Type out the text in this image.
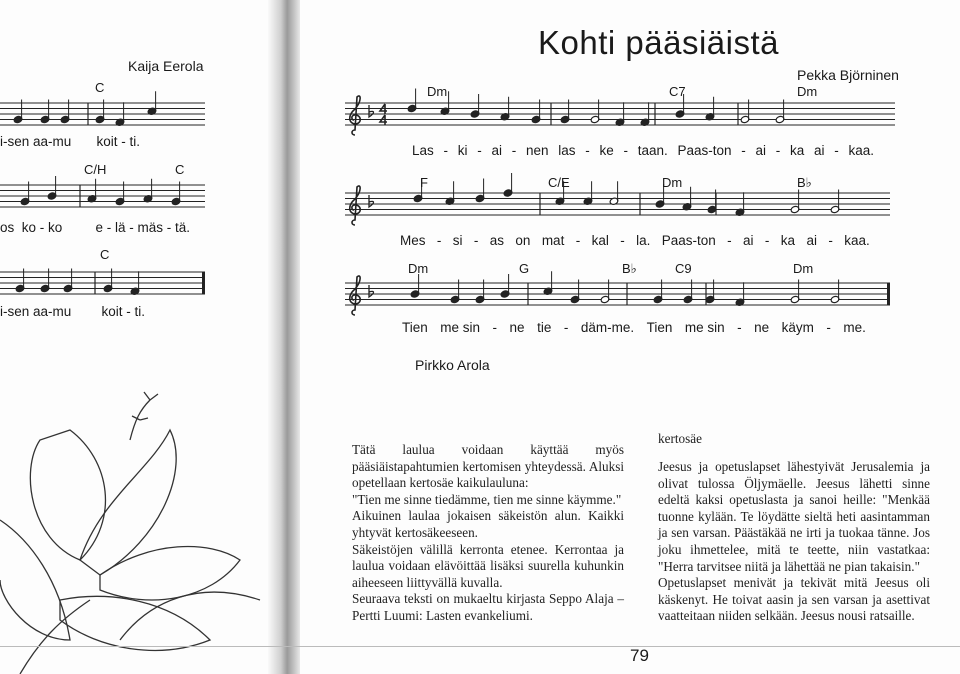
Kaija Eerola
C
C/H	C
C
i-sen aa-mu koit - ti.
os  ko - ko e - lä - mäs - tä.
i-sen aa-mu koit - ti.
Kohti pääsiäistä
Pekka Björninen
Dm	C7	Dm
Las - ki - ai - nen las - ke - taan. Paas-ton - ai - ka ai - kaa.
F	C/E	Dm	B♭
Mes - si - as on mat - kal - la. Paas-ton - ai - ka ai - kaa.
Dm	G	B♭	C9	Dm
Tien me sin - ne tie - däm-me. Tien me sin - ne käym - me.
Pirkko Arola
Tätä laulua voidaan käyttää myös pääsiäistapahtumien kertomisen yhteydessä. Aluksi opetellaan kertosäe kaikulauluna:
"Tien me sinne tiedämme, tien me sinne käymme."
Aikuinen laulaa jokaisen säkeistön alun. Kaikki yhtyvät kertosäkeeseen.
Säkeistöjen välillä kerronta etenee. Kerrontaa ja laulua voidaan elävöittää lisäksi suurella kuhunkin aiheeseen liittyvällä kuvalla.
Seuraava teksti on mukaeltu kirjasta Seppo Alaja – Pertti Luumi: Lasten evankeliumi.
kertosäe
Jeesus ja opetuslapset lähestyivät Jerusalemia ja olivat tulossa Öljymäelle. Jeesus lähetti sinne edeltä kaksi opetuslasta ja sanoi heille: "Menkää tuonne kylään. Te löydätte sieltä heti aasintamman ja sen varsan. Päästäkää ne irti ja tuokaa tänne. Jos joku ihmettelee, mitä te teette, niin vastatkaa: "Herra tarvitsee niitä ja lähettää ne pian takaisin."
Opetuslapset menivät ja tekivät mitä Jeesus oli käskenyt. He toivat aasin ja sen varsan ja asettivat vaatteitaan niiden selkään. Jeesus nousi ratsaille.
79
